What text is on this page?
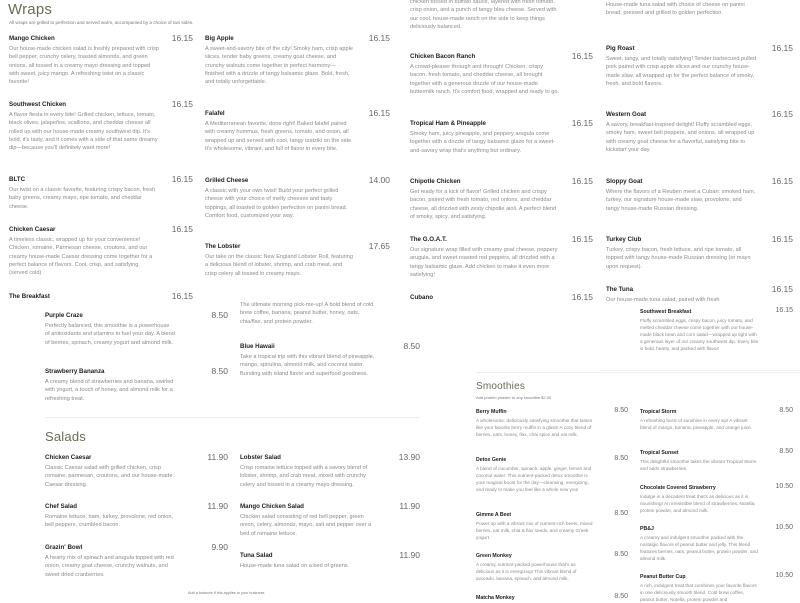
Wraps
All wraps are grilled to perfection and served warm, accompanied by a choice of two sides.
chicken tossed in buffalo sauce, layered with fresh tomato, crisp onion, and a punch of tangy bleu cheese. Served with our cool, house-made ranch on the side to keep things deliciously balanced.
House-made tuna salad with choice of cheese on panini bread, pressed and grilled to golden perfection.
Salads
Smoothies
Add protein powder to any smoothie $2.00
Add a footnote if this applies to your business
Mango Chicken
Our house-made chicken salad is freshly prepared with crisp bell pepper, crunchy celery, toasted almonds, and green onions, all tossed in a creamy mayo dressing and topped with sweet, juicy mango. A refreshing twist on a classic favorite!
16.15
Southwest Chicken
A flavor fiesta in every bite! Grilled chicken, lettuce, tomato, black olives, jalapeños, scallions, and cheddar cheese all rolled up with our house-made creamy southwest dip. It's bold, it's tasty, and it comes with a side of that same dreamy dip—because you'll definitely want more!
16.15
BLTC
Our twist on a classic favorite, featuring crispy bacon, fresh baby greens, creamy mayo, ripe tomato, and cheddar cheese.
16.15
Chicken Caesar
A timeless classic, wrapped up for your convenience! Chicken, romaine, Parmesan cheese, croutons, and our creamy house-made Caesar dressing come together for a perfect balance of flavors. Cool, crisp, and satisfying. (served cold)
16.15
The Breakfast	16.15
Big Apple
A sweet-and-savory bite of the city! Smoky ham, crisp apple slices, tender baby greens, creamy goat cheese, and crunchy walnuts come together in perfect harmony—finished with a drizzle of tangy balsamic glaze. Bold, fresh, and totally unforgettable.
16.15
Falafel
A Mediterranean favorite, done right! Baked falafel paired with creamy hummus, fresh greens, tomato, and onion, all wrapped up and served with cool, tangy tzatziki on the side. It's wholesome, vibrant, and full of flavor in every bite.
16.15
Grilled Cheese
A classic with your own twist! Build your perfect grilled cheese with your choice of melty cheeses and tasty toppings, all toasted to golden perfection on panini bread. Comfort food, customized your way.
14.00
The Lobster
Our take on the classic New England Lobster Roll, featuring a delicious blend of lobster, shrimp, and crab meat, and crisp celery all tossed in creamy mayo.
17.65
Chicken Bacon Ranch
A crowd-pleaser through and through! Chicken, crispy bacon, fresh tomato, and cheddar cheese, all brought together with a generous drizzle of our house-made buttermilk ranch. It's comfort food, wrapped and ready to go.
16.15
Tropical Ham & Pineapple
Smoky ham, juicy pineapple, and peppery arugula come together with a drizzle of tangy balsamic glaze for a sweet-and-savory wrap that's anything but ordinary.
16.15
Chipotle Chicken
Get ready for a kick of flavor! Grilled chicken and crispy bacon, paired with fresh tomato, red onions, and cheddar cheese, all drizzled with zesty chipotle aioli. A perfect blend of smoky, spicy, and satisfying.
16.15
The G.O.A.T.
Our signature wrap filled with creamy goat cheese, peppery arugula, and sweet roasted red peppers, all drizzled with a tangy balsamic glaze. Add chicken to make it even more satisfying!
16.15
Cubano	16.15
Pig Roast
Sweet, tangy, and totally satisfying! Tender barbecued pulled pork paired with crisp apple slices and our crunchy house-made slaw, all wrapped up for the perfect balance of smoky, fresh, and bold flavors.
16.15
Western Goat
A savory, breakfast-inspired delight! Fluffy scrambled eggs, smoky ham, sweet bell peppers, and onions, all wrapped up with creamy goat cheese for a flavorful, satisfying bite to kickstart your day.
16.15
Sloppy Goat
Where the flavors of a Reuben meet a Cuban: smoked ham, turkey, our signature house-made slaw, provolone, and tangy house-made Russian dressing.
16.15
Turkey Club
Turkey, crispy bacon, fresh lettuce, and ripe tomato, all topped with tangy house-made Russian dressing (or mayo upon request).
16.15
The Tuna
Our house-made tuna salad, paired with fresh
16.15
Purple Craze
Perfectly balanced, this smoothie is a powerhouse of antioxidants and vitamins to fuel your day. A blend of berries, spinach, creamy yogurt and almond milk.
8.50
Strawberry Bananza
A creamy blend of strawberries and banana, swirled with yogurt, a touch of honey, and almond milk for a refreshing treat.
8.50
The ultimate morning pick-me-up! A bold blend of cold brew coffee, banana, peanut butter, honey, oats, chia/flax, and protein powder.
Blue Hawaii
Take a tropical trip with this vibrant blend of pineapple, mango, spirulina, almond milk, and coconut water. Bursting with island flavor and superfood goodness.
8.50
Southwest Breakfast
Fluffy scrambled eggs, crispy bacon, juicy tomato, and melted cheddar cheese come together with our house-made black bean and corn salad—wrapped up tight with a generous layer of our creamy southwest dip. Every bite is bold, hearty, and packed with flavor!
16.15
Chicken Caesar
Classic Caesar salad with grilled chicken, crisp romaine, parmesan, croutons, and our house-made Caesar dressing.
11.90
Chef Salad
Romaine lettuce, ham, turkey, provolone, red onion, bell peppers, crumbled bacon.
11.90
Grazin' Bowl
A hearty mix of spinach and arugula topped with red onion, creamy goat cheese, crunchy walnuts, and sweet dried cranberries.
9.90
Lobster Salad
Crisp romaine lettuce topped with a savory blend of lobster, shrimp, and crab meat, mixed with crunchy celery and tossed in a creamy mayo dressing.
13.90
Mango Chicken Salad
Chicken salad consisting of red bell pepper, green onion, celery, almonds, mayo, salt and pepper over a bed of romaine lettuce.
11.90
Tuna Salad
House-made tuna salad on a bed of greens.
11.90
Berry Muffin
A wholesome, deliciously satisfying smoothie that tastes like your favorite berry muffin in a glass! A cozy blend of berries, oats, honey, flax, chai spice and oat milk.
8.50
Detox Genie
A blend of cucumber, spinach, apple, ginger, lemon and coconut water. This nutrient-packed detox smoothie is your magical boost for the day—cleansing, energizing, and ready to make you feel like a whole new you!
8.50
Gimme A Beet
Power up with a vibrant mix of nutrient-rich beets, mixed berries, oat milk, chia & flax seeds, and creamy Greek yogurt.
8.50
Green Monkey
A creamy, nutrient-packed powerhouse that's as delicious as it is energizing! This vibrant blend of avocado, banana, spinach, and almond milk.
8.50
Matcha Monkey	8.50
Tropical Storm
A refreshing burst of sunshine in every sip! A vibrant blend of mango, banana, pineapple, and orange juice.
8.50
Tropical Sunset
This delightful smoothie takes the vibrant Tropical Storm and adds strawberries.
8.50
Chocolate Covered Strawberry
Indulge in a decadent treat that's as delicious as it is nourishing! An irresistible blend of strawberries, Nutella, protein powder, and almond milk.
10.50
PB&J
A creamy and indulgent smoothie packed with the nostalgic flavors of peanut butter and jelly. This blend features berries, oats, peanut butter, protein powder, and almond milk.
10.50
Peanut Butter Cup
A rich, indulgent treat that combines your favorite flavors in one deliciously smooth blend. Cold brew coffee, peanut butter, Nutella, protein powder and
10.50
